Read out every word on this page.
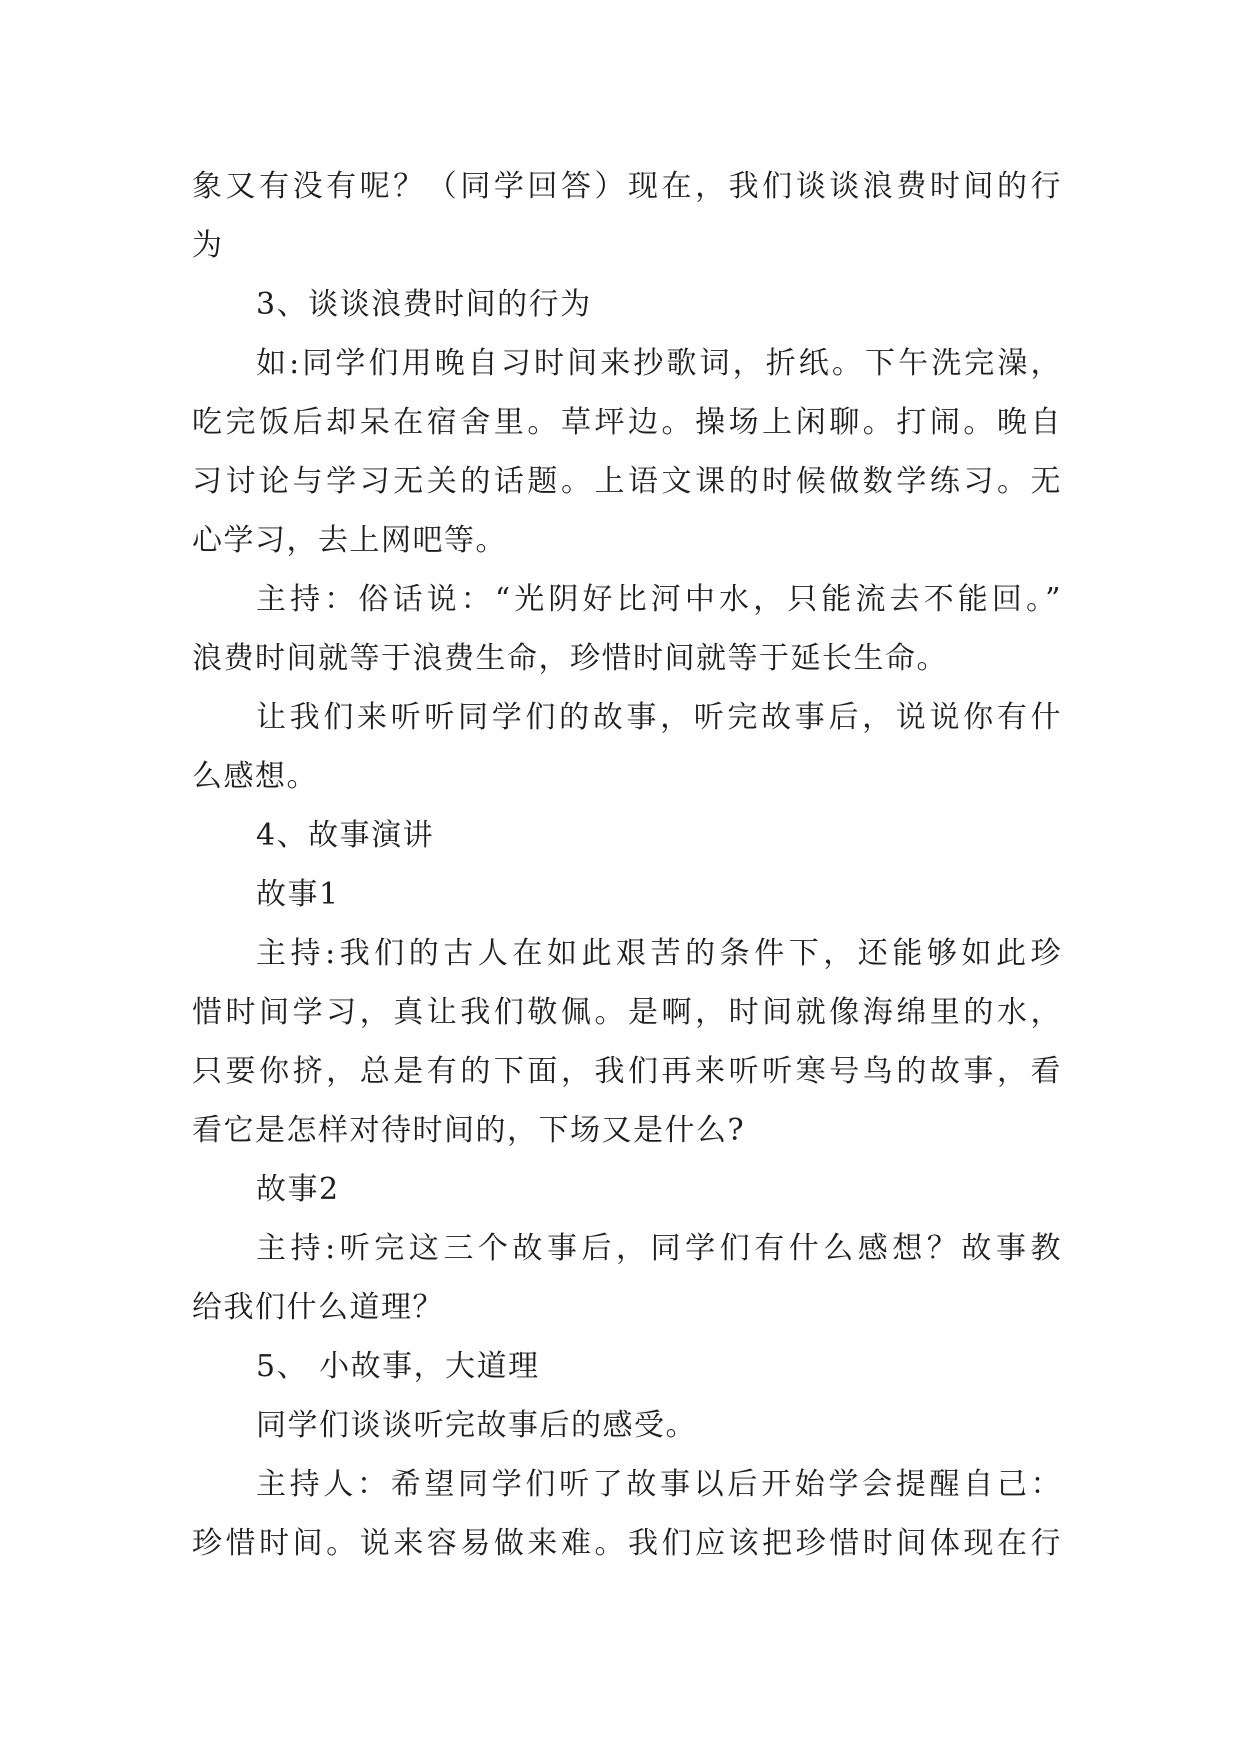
象又有没有呢？（同学回答）现在，我们谈谈浪费时间的行
为
3、谈谈浪费时间的行为
如:同学们用晚自习时间来抄歌词，折纸。下午洗完澡，
吃完饭后却呆在宿舍里。草坪边。操场上闲聊。打闹。晚自
习讨论与学习无关的话题。上语文课的时候做数学练习。无
心学习，去上网吧等。
主持：俗话说：“光阴好比河中水，只能流去不能回。”
浪费时间就等于浪费生命，珍惜时间就等于延长生命。
让我们来听听同学们的故事，听完故事后，说说你有什
么感想。
4、故事演讲
故事1
主持:我们的古人在如此艰苦的条件下，还能够如此珍
惜时间学习，真让我们敬佩。是啊，时间就像海绵里的水，
只要你挤，总是有的下面，我们再来听听寒号鸟的故事，看
看它是怎样对待时间的，下场又是什么?
故事2
主持:听完这三个故事后，同学们有什么感想？故事教
给我们什么道理？
5、 小故事，大道理
同学们谈谈听完故事后的感受。
主持人：希望同学们听了故事以后开始学会提醒自己：
珍惜时间。说来容易做来难。我们应该把珍惜时间体现在行
